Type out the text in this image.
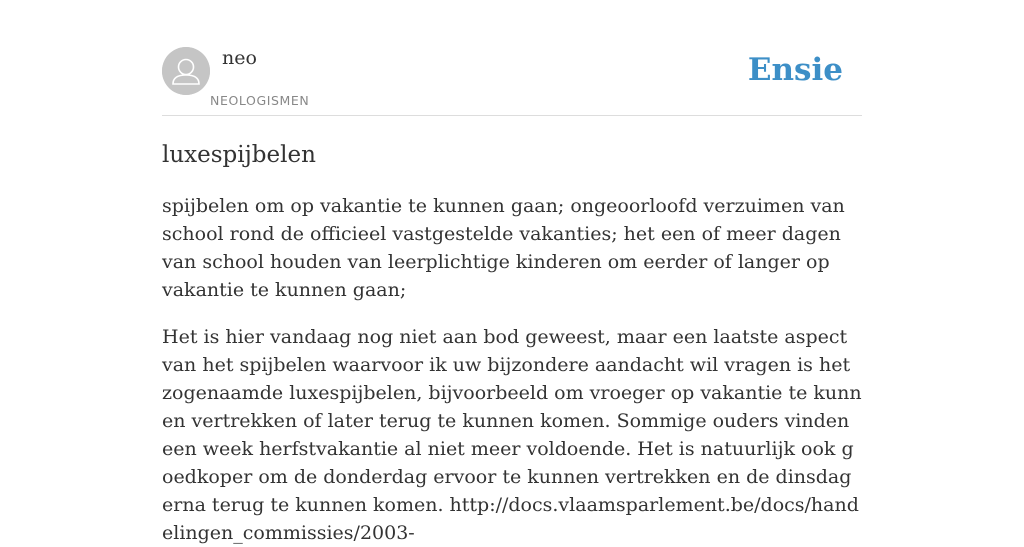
neo
NEOLOGISMEN
Ensie
luxespijbelen

spijbelen om op vakantie te kunnen gaan; ongeoorloofd verzuimen van school rond de officieel vastgestelde vakanties; het een of meer dagen van school houden van leerplichtige kinderen om eerder of langer op vakantie te kunnen gaan;

Het is hier vandaag nog niet aan bod geweest, maar een laatste aspect van het spijbelen waarvoor ik uw bijzondere aandacht wil vragen is het zogenaamde luxespijbelen, bijvoorbeeld om vroeger op vakantie te kunnen vertrekken of later terug te kunnen komen. Sommige ouders vinden een week herfstvakantie al niet meer voldoende. Het is natuurlijk ook goedkoper om de donderdag ervoor te kunnen vertrekken en de dinsdag erna terug te kunnen komen. http://docs.vlaamsparlement.be/docs/handelingen_commissies/2003-
